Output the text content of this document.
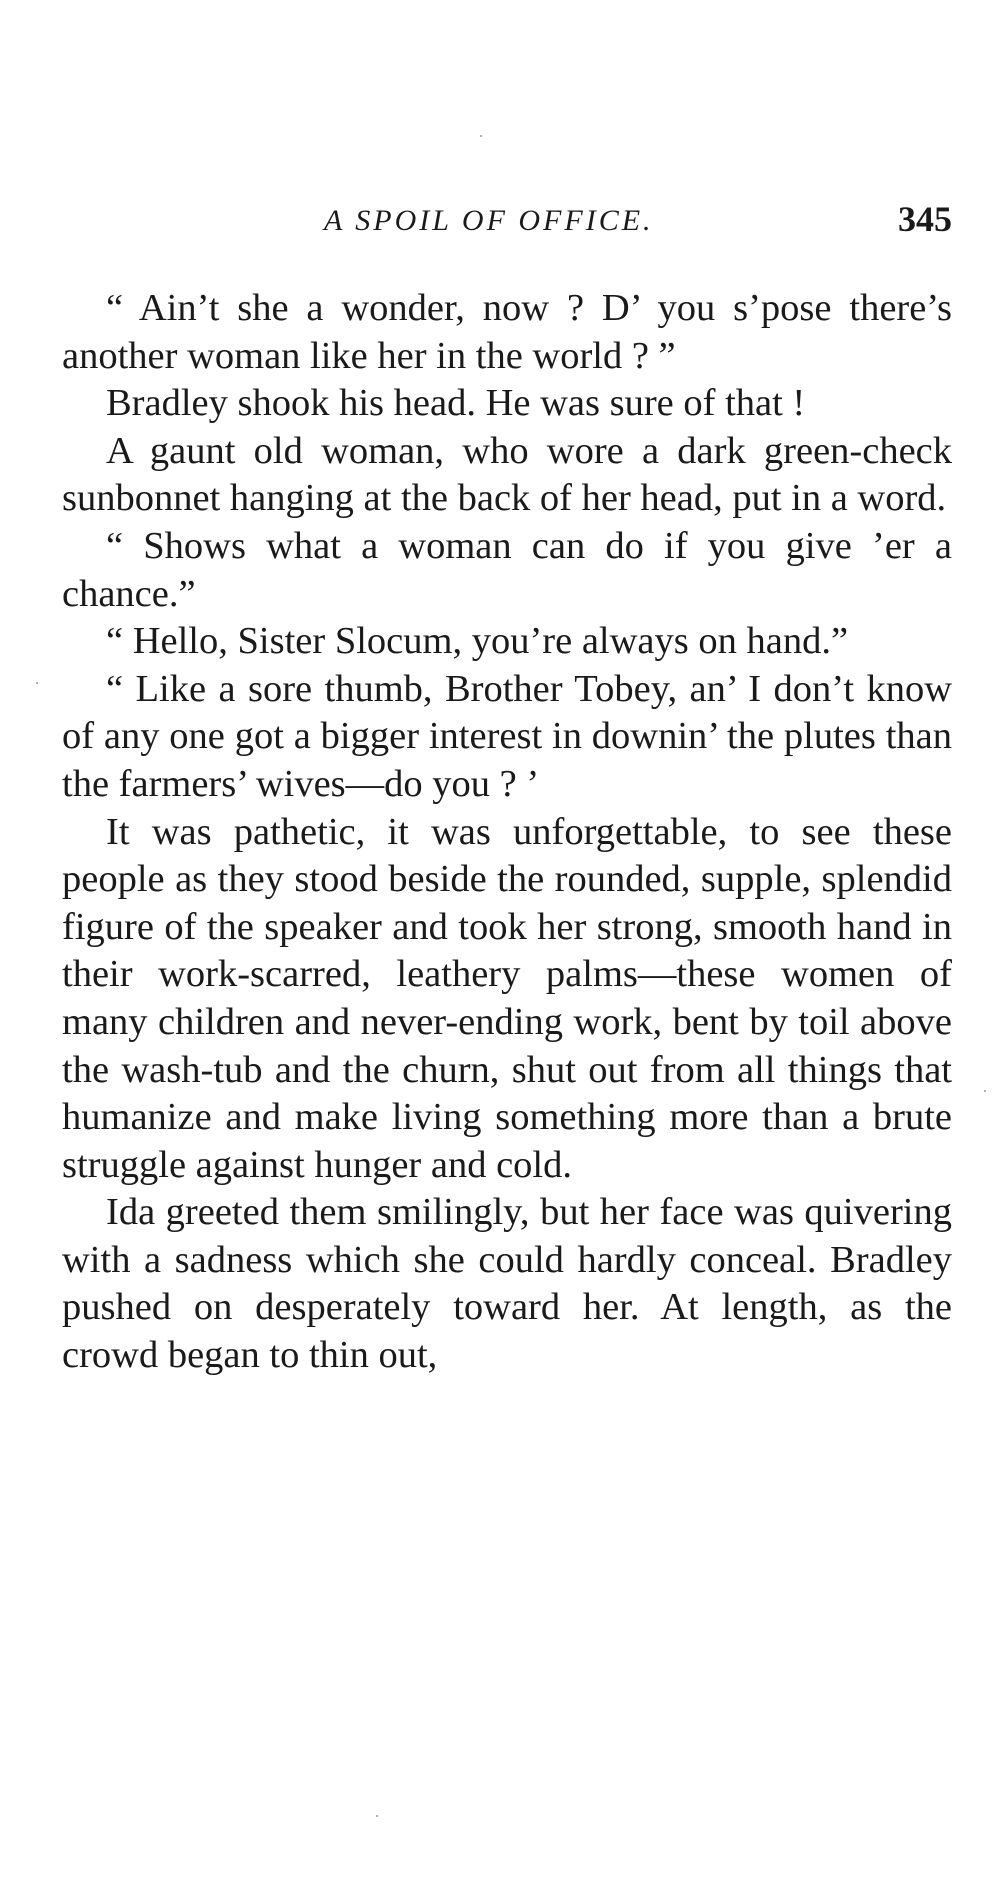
A SPOIL OF OFFICE.	345

“ Ain’t she a wonder, now ? D’ you s’pose there’s another woman like her in the world ? ”

Bradley shook his head. He was sure of that !

A gaunt old woman, who wore a dark green-check sunbonnet hanging at the back of her head, put in a word.

“ Shows what a woman can do if you give ’er a chance.”

“ Hello, Sister Slocum, you’re always on hand.”

“ Like a sore thumb, Brother Tobey, an’ I don’t know of any one got a bigger interest in downin’ the plutes than the farmers’ wives—do you ? ’

It was pathetic, it was unforgettable, to see these people as they stood beside the rounded, supple, splendid figure of the speaker and took her strong, smooth hand in their work-scarred, leathery palms—these women of many children and never-ending work, bent by toil above the wash-tub and the churn, shut out from all things that humanize and make living something more than a brute struggle against hunger and cold.

Ida greeted them smilingly, but her face was quivering with a sadness which she could hardly conceal. Bradley pushed on desperately toward her. At length, as the crowd began to thin out,
